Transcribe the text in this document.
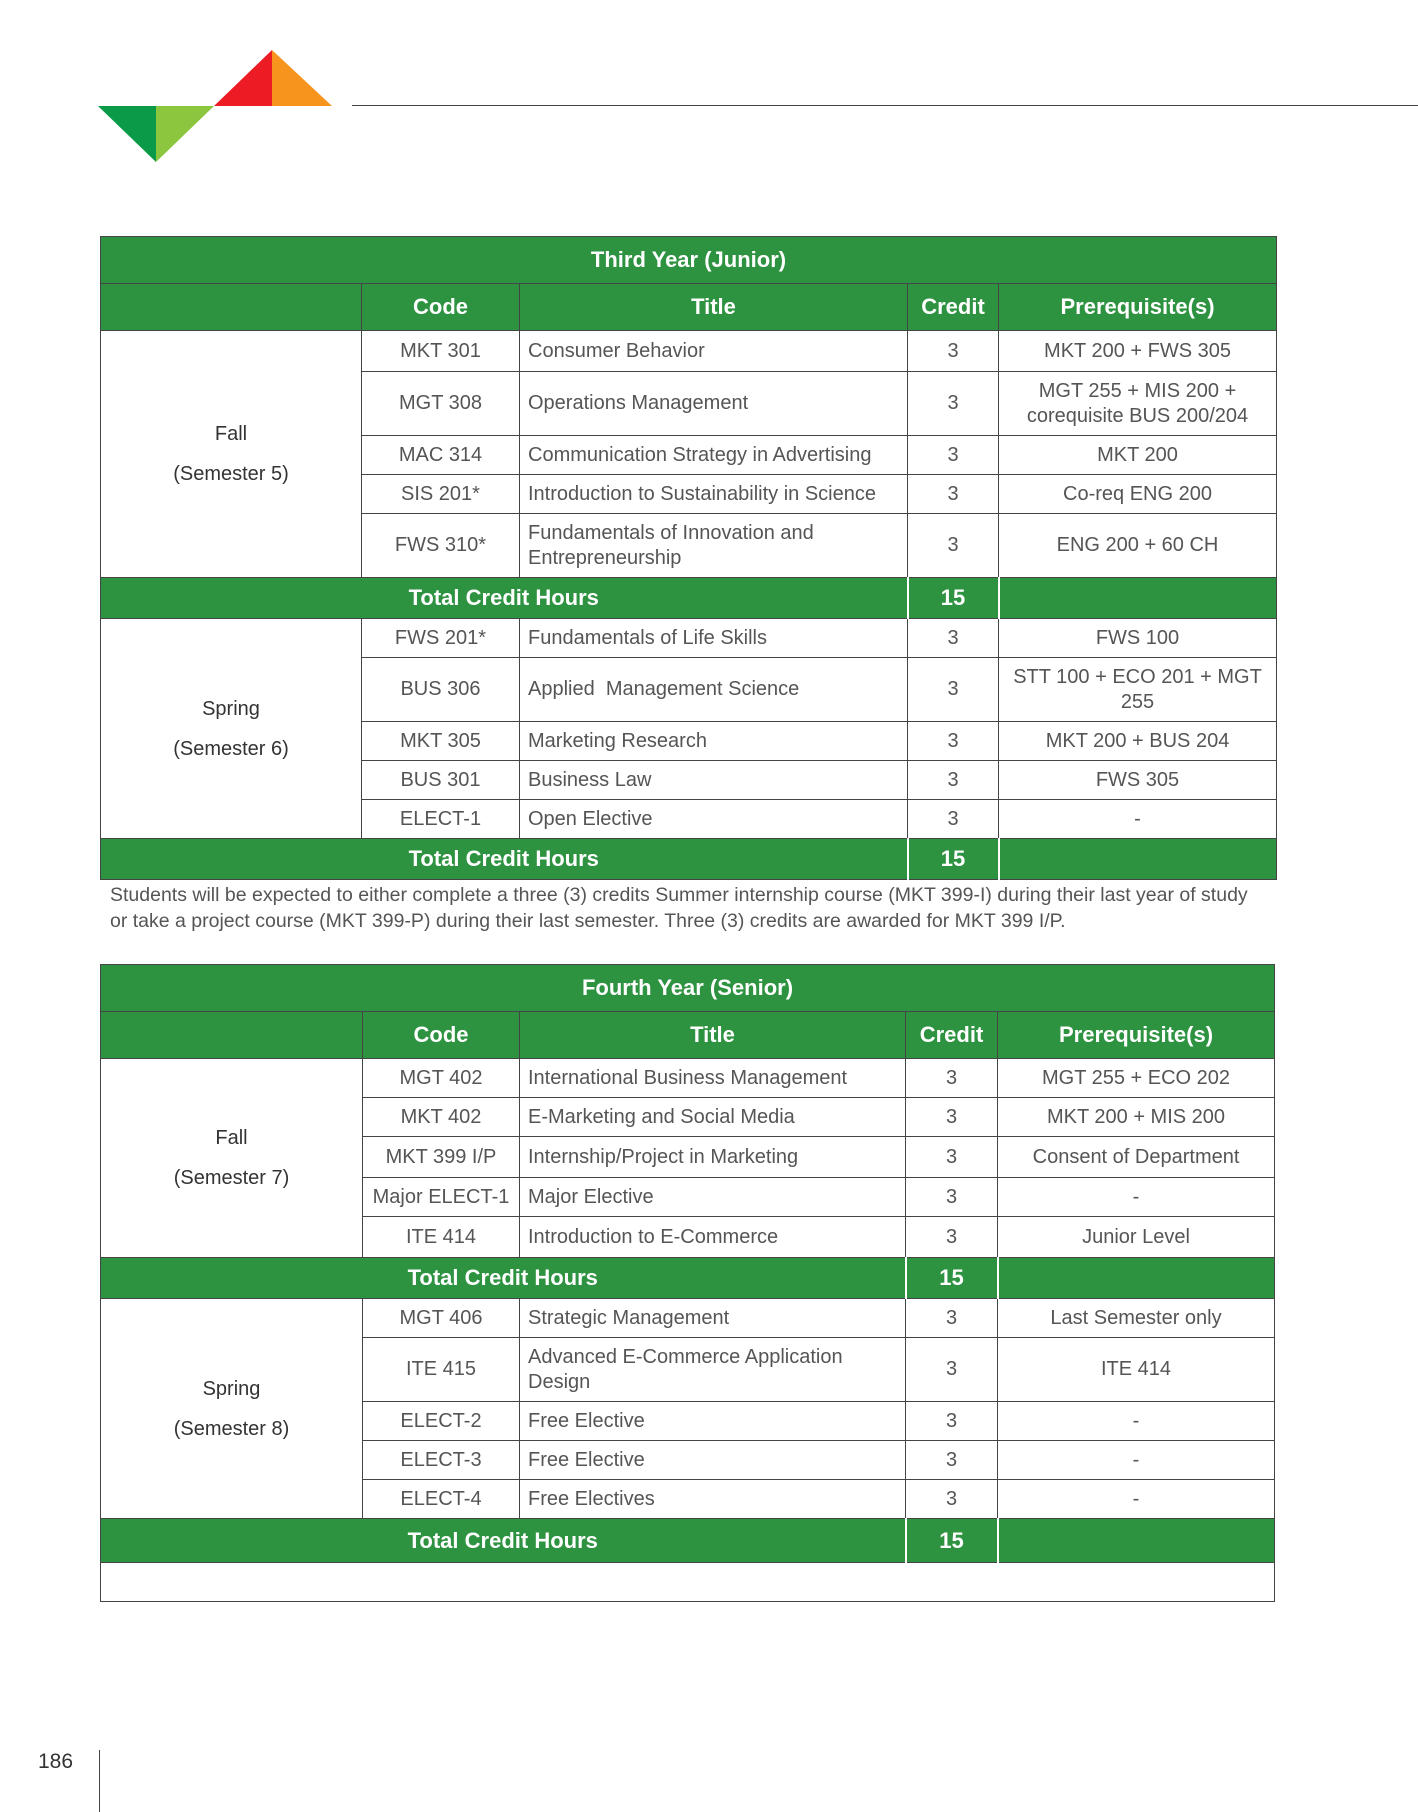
Third Year (Junior)				
	Code	Title	Credit	Prerequisite(s)

Fall
(Semester 5)	MKT 301	Consumer Behavior	3	MKT 200 + FWS 305
	MGT 308	Operations Management	3	MGT 255 + MIS 200 + corequisite BUS 200/204
	MAC 314	Communication Strategy in Advertising	3	MKT 200
	SIS 201*	Introduction to Sustainability in Science	3	Co-req ENG 200
	FWS 310*	Fundamentals of Innovation and Entrepreneurship	3	ENG 200 + 60 CH
Total Credit Hours			15	

Spring
(Semester 6)	FWS 201*	Fundamentals of Life Skills	3	FWS 100
	BUS 306	Applied  Management Science	3	STT 100 + ECO 201 + MGT 255
	MKT 305	Marketing Research	3	MKT 200 + BUS 204
	BUS 301	Business Law	3	FWS 305
	ELECT-1	Open Elective	3	-
Total Credit Hours			15	
Students will be expected to either complete a three (3) credits Summer internship course (MKT 399-I) during their last year of study or take a project course (MKT 399-P) during their last semester. Three (3) credits are awarded for MKT 399 I/P.
Fourth Year (Senior)				
	Code	Title	Credit	Prerequisite(s)

Fall
(Semester 7)	MGT 402	International Business Management	3	MGT 255 + ECO 202
	MKT 402	E-Marketing and Social Media	3	MKT 200 + MIS 200
	MKT 399 I/P	Internship/Project in Marketing	3	Consent of Department
	Major ELECT-1	Major Elective	3	-
	ITE 414	Introduction to E-Commerce	3	Junior Level
Total Credit Hours			15	

Spring
(Semester 8)	MGT 406	Strategic Management	3	Last Semester only
	ITE 415	Advanced E-Commerce Application Design	3	ITE 414
	ELECT-2	Free Elective	3	-
	ELECT-3	Free Elective	3	-
	ELECT-4	Free Electives	3	-
Total Credit Hours			15	

186
